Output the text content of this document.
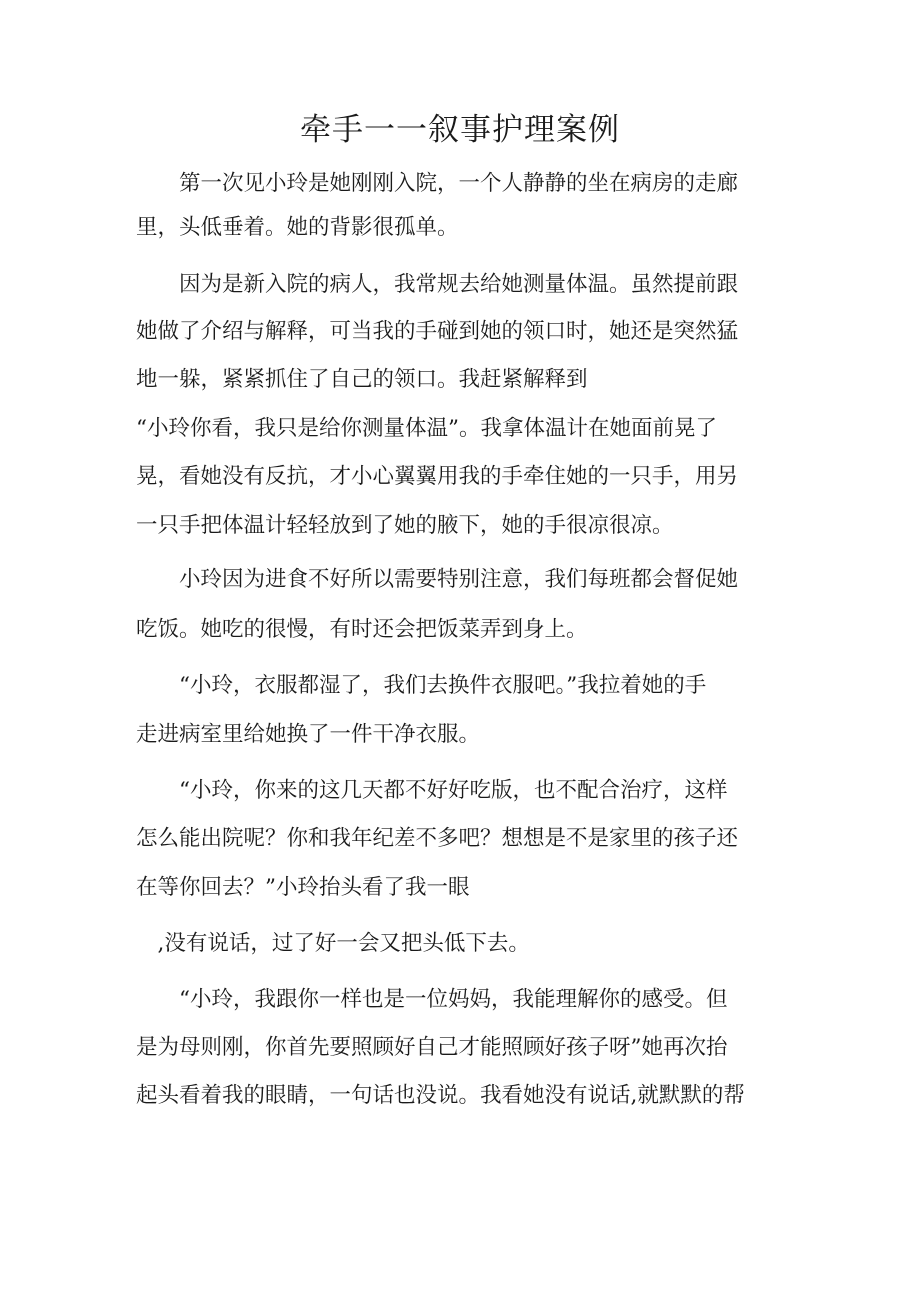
牵手一一叙事护理案例

　　第一次见小玲是她刚刚入院，一个人静静的坐在病房的走廊

里，头低垂着。她的背影很孤单。

　　因为是新入院的病人，我常规去给她测量体温。虽然提前跟

她做了介绍与解释，可当我的手碰到她的领口时，她还是突然猛

地一躲，紧紧抓住了自己的领口。我赶紧解释到

“小玲你看，我只是给你测量体温”。我拿体温计在她面前晃了

晃，看她没有反抗，才小心翼翼用我的手牵住她的一只手，用另

一只手把体温计轻轻放到了她的腋下，她的手很凉很凉。

　　小玲因为进食不好所以需要特别注意，我们每班都会督促她

吃饭。她吃的很慢，有时还会把饭菜弄到身上。

　　“小玲，衣服都湿了，我们去换件衣服吧。”我拉着她的手

走进病室里给她换了一件干净衣服。

　　“小玲，你来的这几天都不好好吃版，也不配合治疗，这样

怎么能出院呢？你和我年纪差不多吧？想想是不是家里的孩子还

在等你回去？”小玲抬头看了我一眼

　,没有说话，过了好一会又把头低下去。

　　“小玲，我跟你一样也是一位妈妈，我能理解你的感受。但

是为母则刚，你首先要照顾好自己才能照顾好孩子呀”她再次抬

起头看着我的眼睛，一句话也没说。我看她没有说话,就默默的帮
